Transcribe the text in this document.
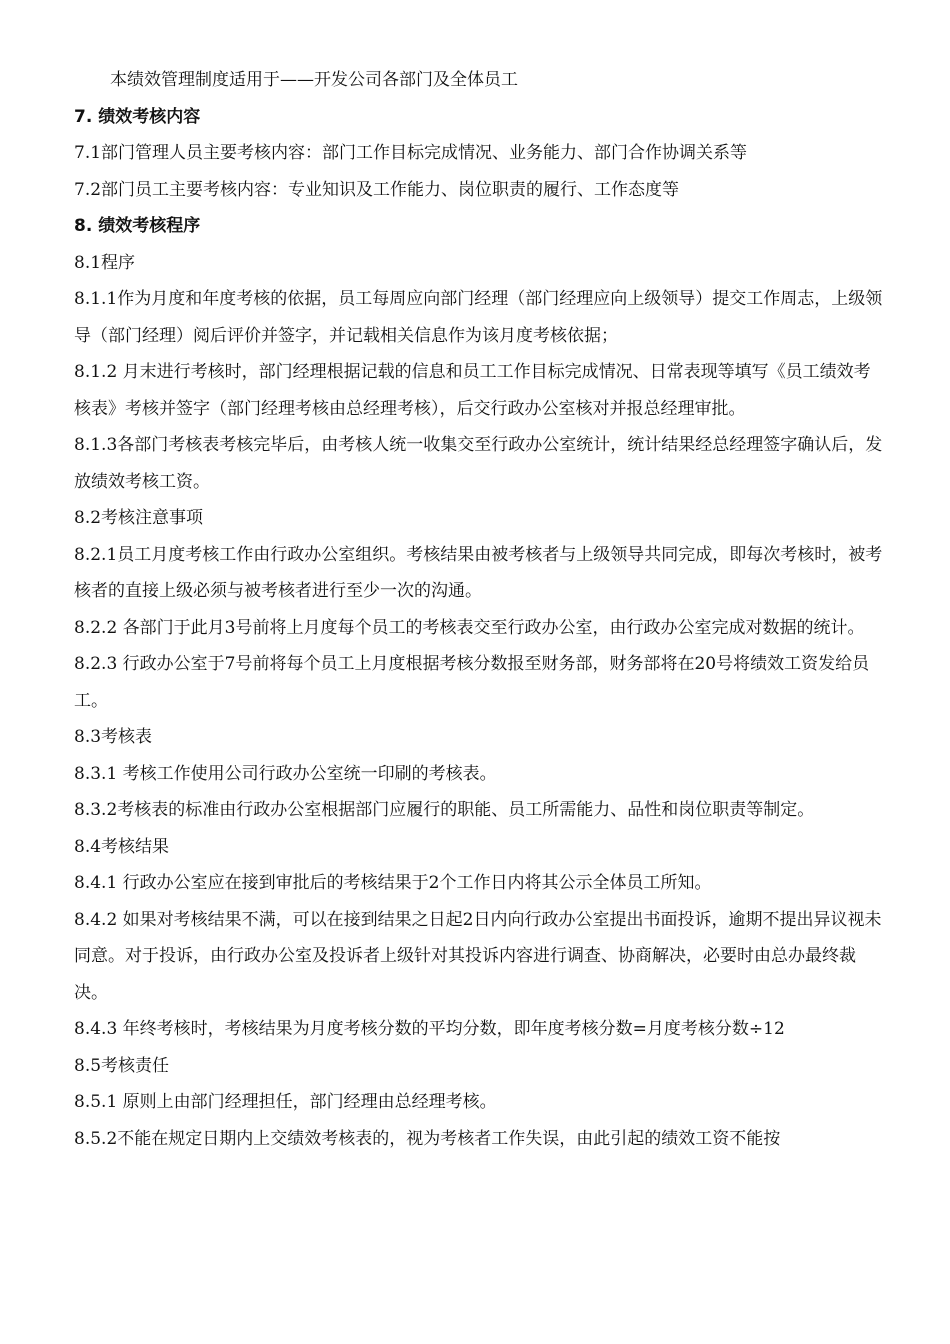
本绩效管理制度适用于——开发公司各部门及全体员工

7. 绩效考核内容

7.1部门管理人员主要考核内容：部门工作目标完成情况、业务能力、部门合作协调关系等

7.2部门员工主要考核内容：专业知识及工作能力、岗位职责的履行、工作态度等

8. 绩效考核程序

8.1程序

8.1.1作为月度和年度考核的依据，员工每周应向部门经理（部门经理应向上级领导）提交工作周志，上级领导（部门经理）阅后评价并签字，并记载相关信息作为该月度考核依据；

8.1.2 月末进行考核时，部门经理根据记载的信息和员工工作目标完成情况、日常表现等填写《员工绩效考核表》考核并签字（部门经理考核由总经理考核），后交行政办公室核对并报总经理审批。

8.1.3各部门考核表考核完毕后，由考核人统一收集交至行政办公室统计，统计结果经总经理签字确认后，发放绩效考核工资。

8.2考核注意事项

8.2.1员工月度考核工作由行政办公室组织。考核结果由被考核者与上级领导共同完成，即每次考核时，被考核者的直接上级必须与被考核者进行至少一次的沟通。

8.2.2 各部门于此月3号前将上月度每个员工的考核表交至行政办公室，由行政办公室完成对数据的统计。

8.2.3 行政办公室于7号前将每个员工上月度根据考核分数报至财务部，财务部将在20号将绩效工资发给员工。

8.3考核表

8.3.1 考核工作使用公司行政办公室统一印刷的考核表。

8.3.2考核表的标准由行政办公室根据部门应履行的职能、员工所需能力、品性和岗位职责等制定。

8.4考核结果

8.4.1 行政办公室应在接到审批后的考核结果于2个工作日内将其公示全体员工所知。

8.4.2 如果对考核结果不满，可以在接到结果之日起2日内向行政办公室提出书面投诉，逾期不提出异议视未同意。对于投诉，由行政办公室及投诉者上级针对其投诉内容进行调查、协商解决，必要时由总办最终裁决。

8.4.3 年终考核时，考核结果为月度考核分数的平均分数，即年度考核分数=月度考核分数÷12

8.5考核责任

8.5.1 原则上由部门经理担任，部门经理由总经理考核。

8.5.2不能在规定日期内上交绩效考核表的，视为考核者工作失误，由此引起的绩效工资不能按
